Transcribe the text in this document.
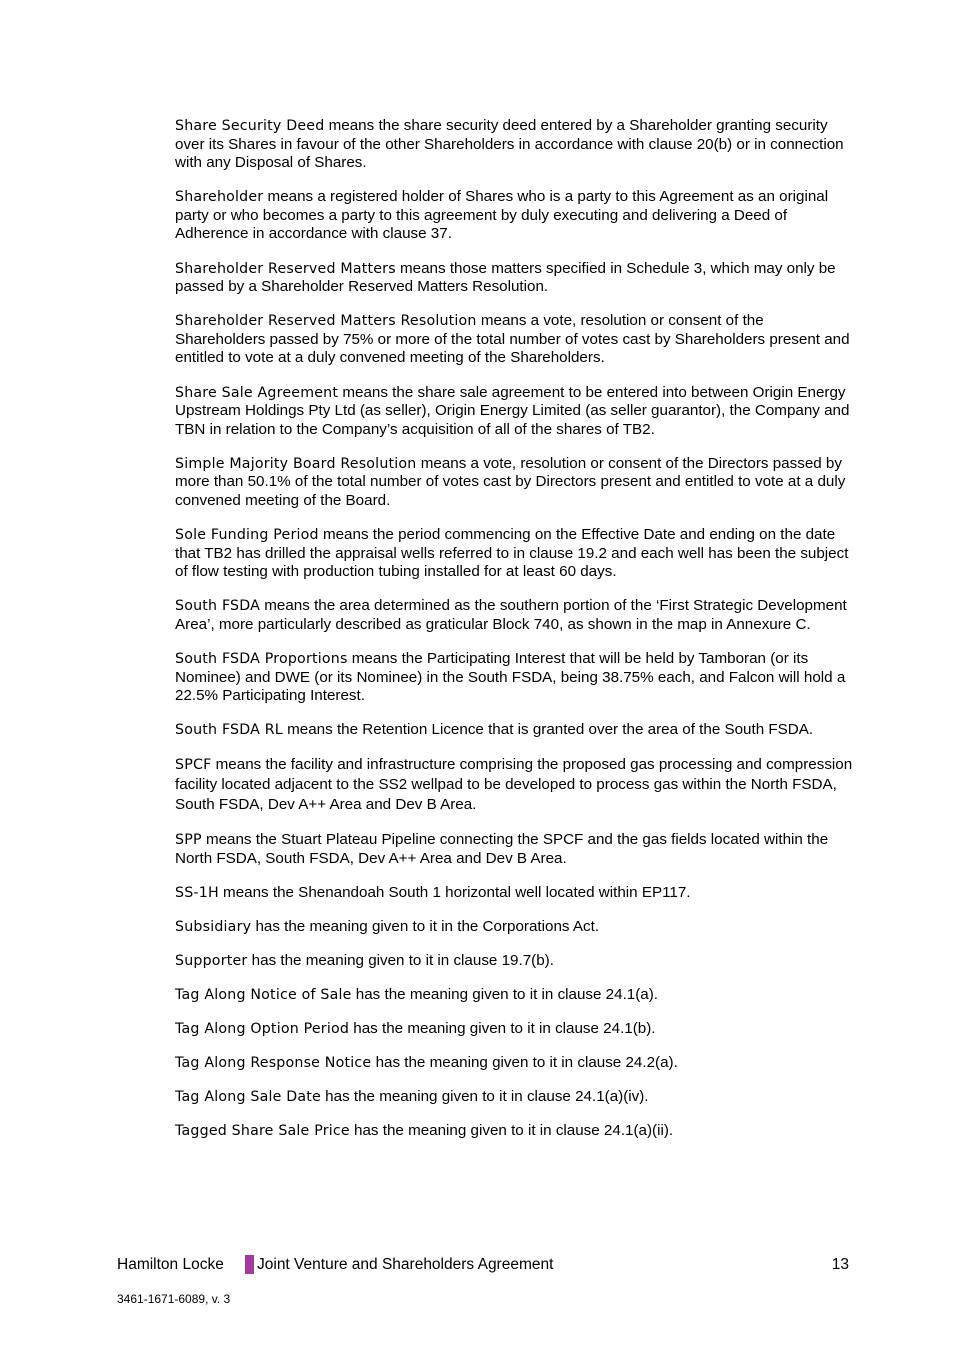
Share Security Deed means the share security deed entered by a Shareholder granting security over its Shares in favour of the other Shareholders in accordance with clause 20(b) or in connection with any Disposal of Shares.

Shareholder means a registered holder of Shares who is a party to this Agreement as an original party or who becomes a party to this agreement by duly executing and delivering a Deed of Adherence in accordance with clause 37.

Shareholder Reserved Matters means those matters specified in Schedule 3, which may only be passed by a Shareholder Reserved Matters Resolution.

Shareholder Reserved Matters Resolution means a vote, resolution or consent of the Shareholders passed by 75% or more of the total number of votes cast by Shareholders present and entitled to vote at a duly convened meeting of the Shareholders.

Share Sale Agreement means the share sale agreement to be entered into between Origin Energy Upstream Holdings Pty Ltd (as seller), Origin Energy Limited (as seller guarantor), the Company and TBN in relation to the Company’s acquisition of all of the shares of TB2.

Simple Majority Board Resolution means a vote, resolution or consent of the Directors passed by more than 50.1% of the total number of votes cast by Directors present and entitled to vote at a duly convened meeting of the Board.

Sole Funding Period means the period commencing on the Effective Date and ending on the date that TB2 has drilled the appraisal wells referred to in clause 19.2 and each well has been the subject of flow testing with production tubing installed for at least 60 days.

South FSDA means the area determined as the southern portion of the ‘First Strategic Development Area’, more particularly described as graticular Block 740, as shown in the map in Annexure C.

South FSDA Proportions means the Participating Interest that will be held by Tamboran (or its Nominee) and DWE (or its Nominee) in the South FSDA, being 38.75% each, and Falcon will hold a 22.5% Participating Interest.

South FSDA RL means the Retention Licence that is granted over the area of the South FSDA.

SPCF means the facility and infrastructure comprising the proposed gas processing and compression facility located adjacent to the SS2 wellpad to be developed to process gas within the North FSDA, South FSDA, Dev A++ Area and Dev B Area.

SPP means the Stuart Plateau Pipeline connecting the SPCF and the gas fields located within the North FSDA, South FSDA, Dev A++ Area and Dev B Area.

SS-1H means the Shenandoah South 1 horizontal well located within EP117.

Subsidiary has the meaning given to it in the Corporations Act.

Supporter has the meaning given to it in clause 19.7(b).

Tag Along Notice of Sale has the meaning given to it in clause 24.1(a).

Tag Along Option Period has the meaning given to it in clause 24.1(b).

Tag Along Response Notice has the meaning given to it in clause 24.2(a).

Tag Along Sale Date has the meaning given to it in clause 24.1(a)(iv).

Tagged Share Sale Price has the meaning given to it in clause 24.1(a)(ii).

Hamilton Locke Joint Venture and Shareholders Agreement	13
3461-1671-6089, v. 3
